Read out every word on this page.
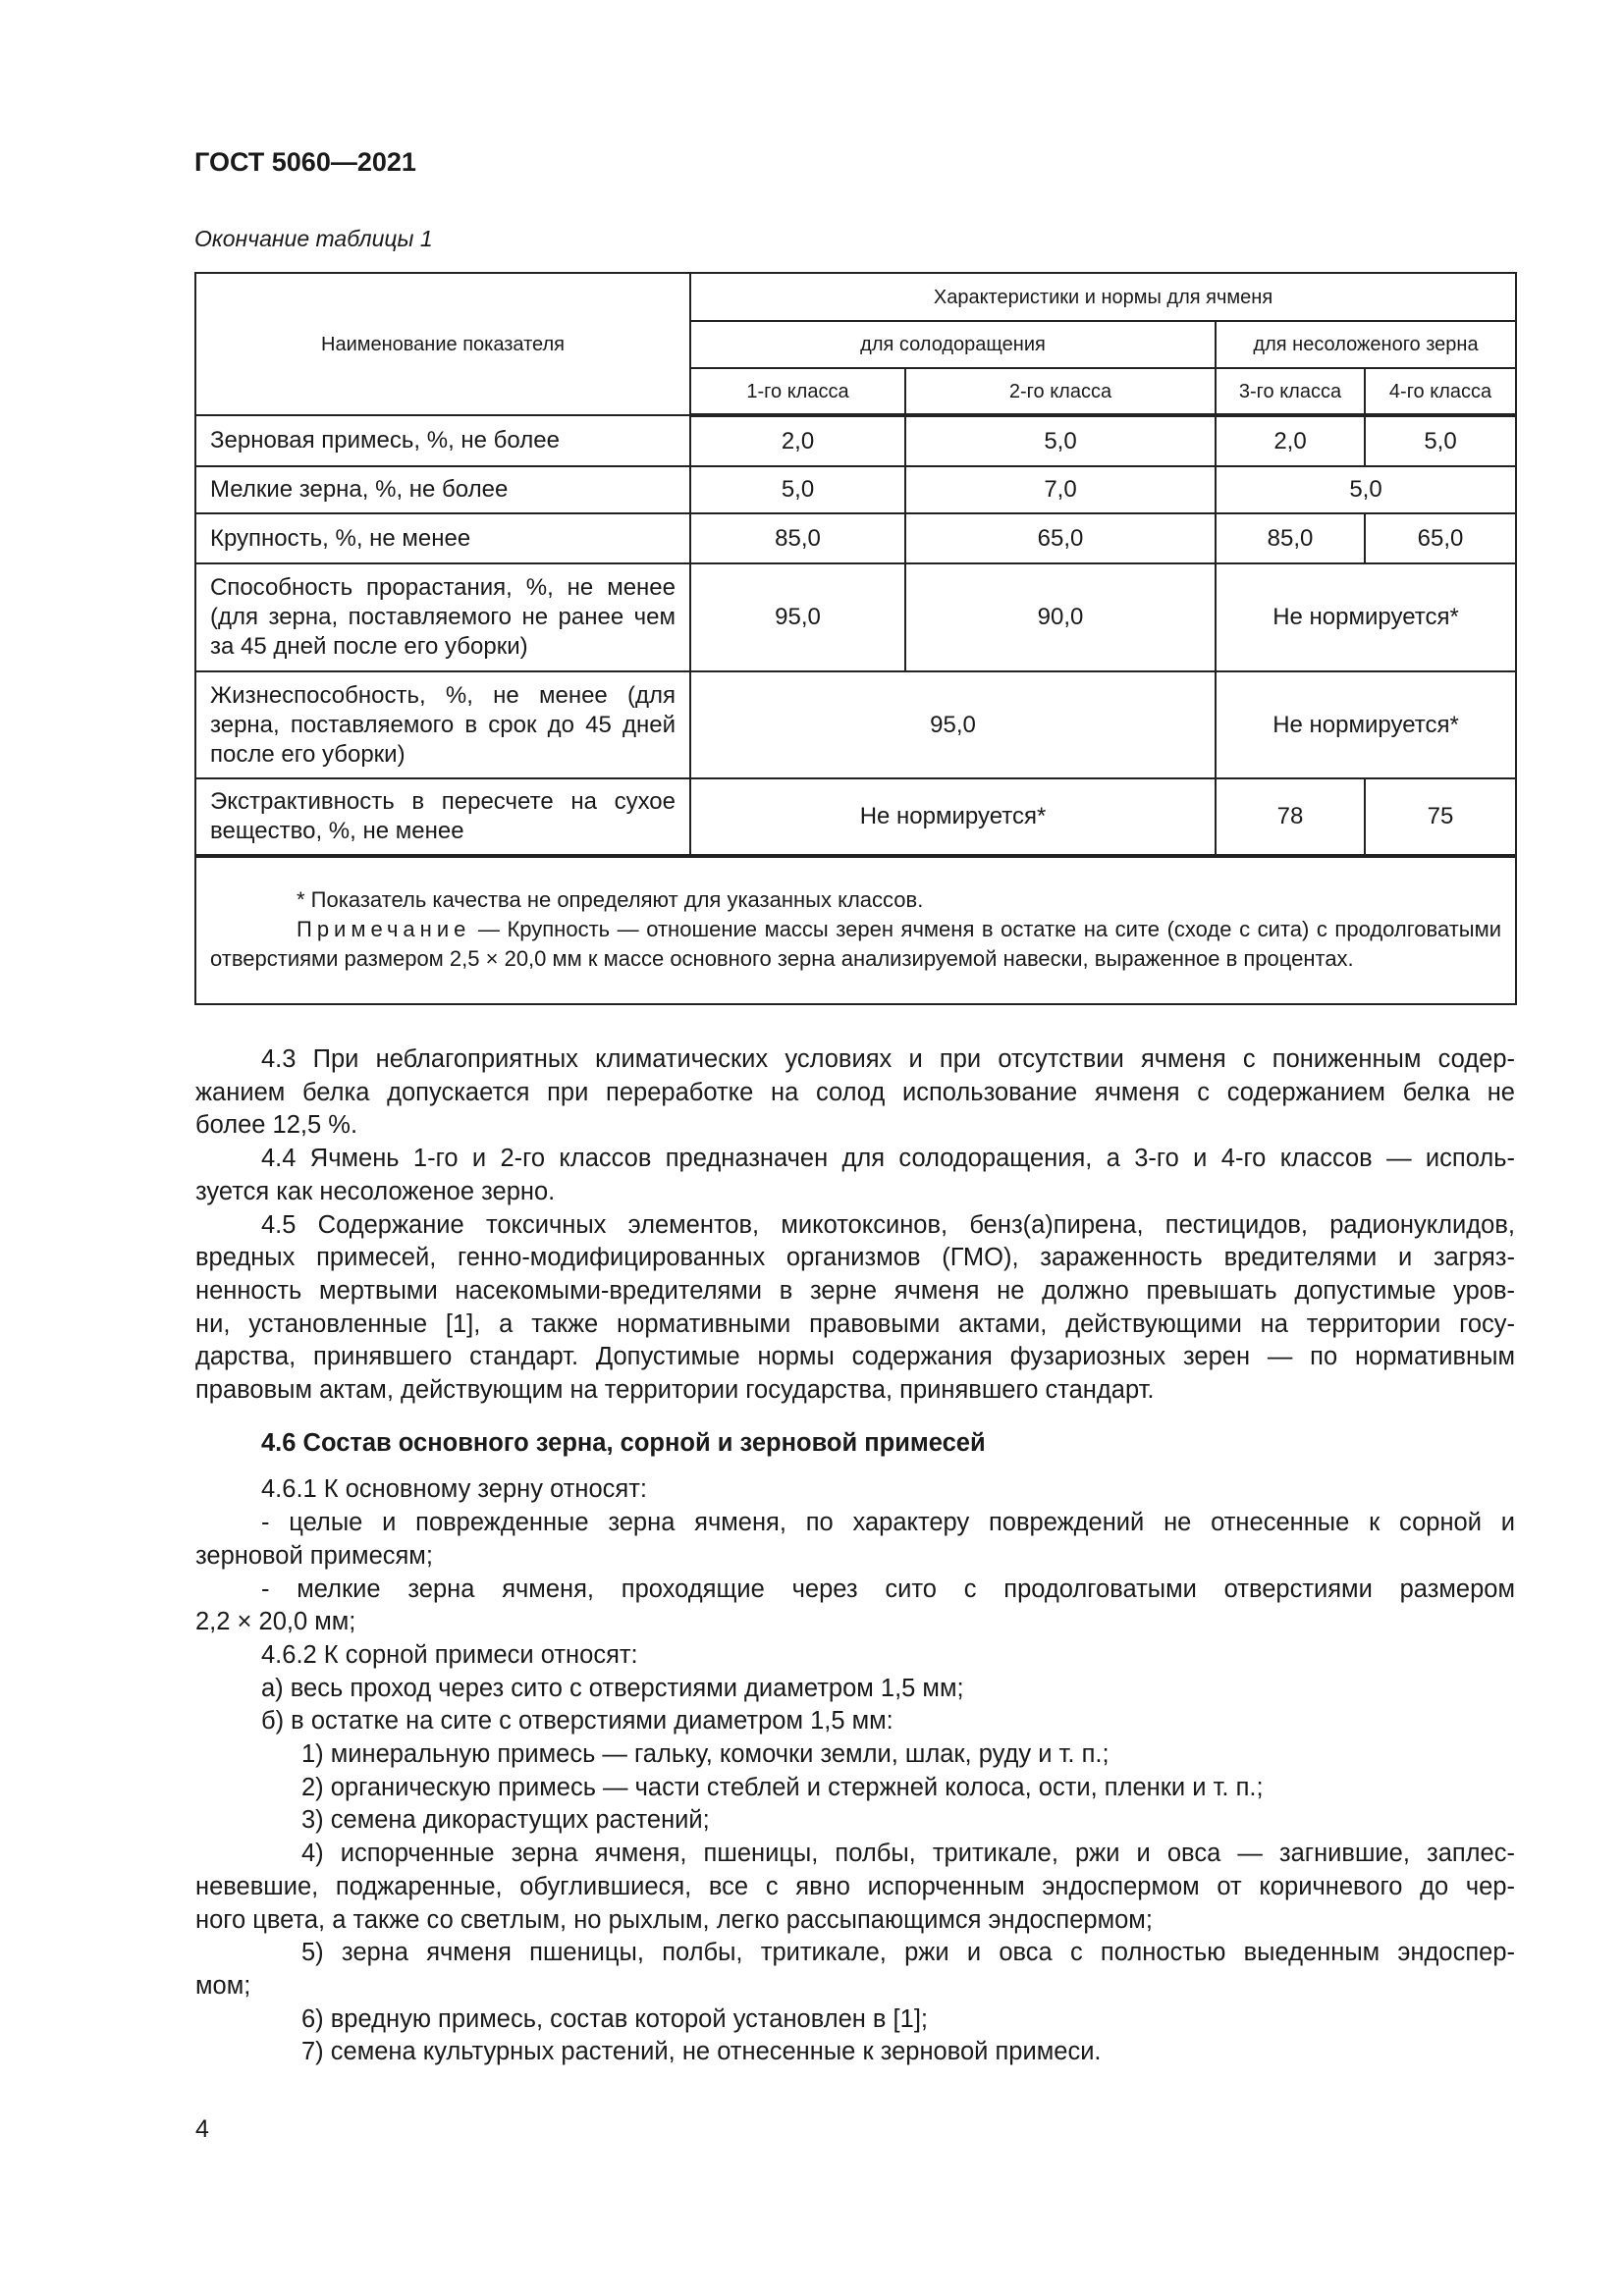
ГОСТ 5060—2021
Окончание таблицы 1
Наименование показателя	Характеристики и нормы для ячменя			
	для солодоращения		для несоложеного зерна	
	1-го класса	2-го класса	3-го класса	4-го класса
Зерновая примесь, %, не более	2,0	5,0	2,0	5,0
Мелкие зерна, %, не более	5,0	7,0	5,0	
Крупность, %, не менее	85,0	65,0	85,0	65,0
Способность прорастания, %, не менее (для зерна, поставляемого не ранее чем за 45 дней после его уборки)	95,0	90,0	Не нормируется*	
Жизнеспособность, %, не менее (для зерна, поставляемого в срок до 45 дней после его уборки)	95,0		Не нормируется*	
Экстрактивность в пересчете на сухое вещество, %, не менее	Не нормируется*		78	75

* Показатель качества не определяют для указанных классов.
Примечание — Крупность — отношение массы зерен ячменя в остатке на сите (сходе с сита) с продолговатыми отверстиями размером 2,5 × 20,0 мм к массе основного зерна анализируемой навески, выраженное в процентах.				
4.3 При неблагоприятных климатических условиях и при отсутствии ячменя с пониженным содер-
жанием белка допускается при переработке на солод использование ячменя с содержанием белка не
более 12,5 %.
4.4 Ячмень 1-го и 2-го классов предназначен для солодоращения, а 3-го и 4-го классов — исполь-
зуется как несоложеное зерно.
4.5 Содержание токсичных элементов, микотоксинов, бенз(а)пирена, пестицидов, радионуклидов,
вредных примесей, генно-модифицированных организмов (ГМО), зараженность вредителями и загряз-
ненность мертвыми насекомыми-вредителями в зерне ячменя не должно превышать допустимые уров-
ни, установленные [1], а также нормативными правовыми актами, действующими на территории госу-
дарства, принявшего стандарт. Допустимые нормы содержания фузариозных зерен — по нормативным
правовым актам, действующим на территории государства, принявшего стандарт.
4.6 Состав основного зерна, сорной и зерновой примесей
4.6.1 К основному зерну относят:
- целые и поврежденные зерна ячменя, по характеру повреждений не отнесенные к сорной и
зерновой примесям;
- мелкие зерна ячменя, проходящие через сито с продолговатыми отверстиями размером
2,2 × 20,0 мм;
4.6.2 К сорной примеси относят:
а) весь проход через сито с отверстиями диаметром 1,5 мм;
б) в остатке на сите с отверстиями диаметром 1,5 мм:
1) минеральную примесь — гальку, комочки земли, шлак, руду и т. п.;
2) органическую примесь — части стеблей и стержней колоса, ости, пленки и т. п.;
3) семена дикорастущих растений;
4) испорченные зерна ячменя, пшеницы, полбы, тритикале, ржи и овса — загнившие, заплес-
невевшие, поджаренные, обуглившиеся, все с явно испорченным эндоспермом от коричневого до чер-
ного цвета, а также со светлым, но рыхлым, легко рассыпающимся эндоспермом;
5) зерна ячменя пшеницы, полбы, тритикале, ржи и овса с полностью выеденным эндоспер-
мом;
6) вредную примесь, состав которой установлен в [1];
7) семена культурных растений, не отнесенные к зерновой примеси.
4
